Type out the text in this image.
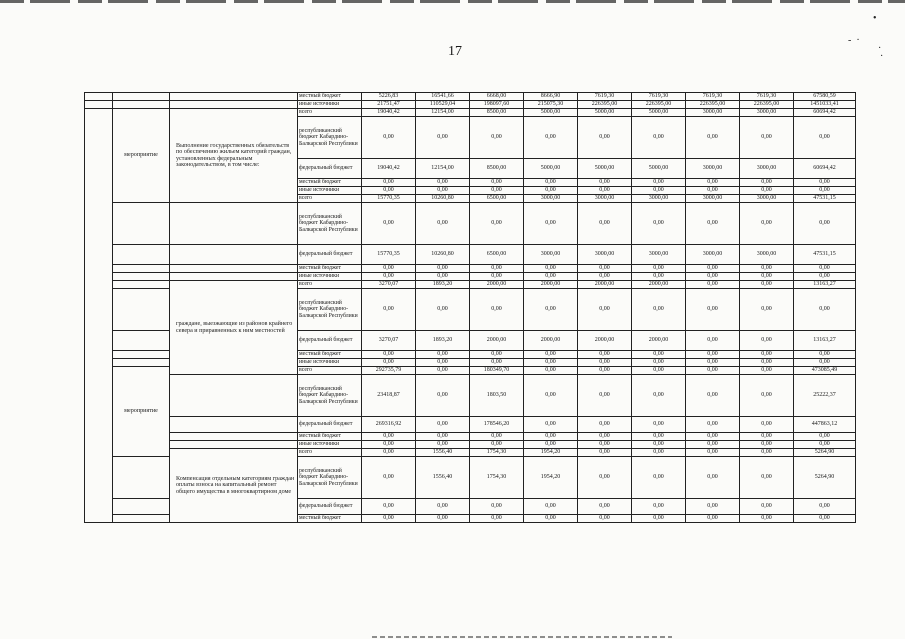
•
-  ·
·
·
17
			местный бюджет	5226,83	16541,66	6668,00	8666,90	7619,30	7619,30	7619,30	7619,30	67580,59
			иные источники	21751,47	110529,04	198097,60	215075,30	226395,00	226395,00	226395,00	226395,00	1451033,41
	мероприятие	Выполнение государственных обязательств по обеспечению жильем категорий граждан, установленных федеральным законодательством, в том числе:	всего	19040,42	12154,00	8500,00	5000,00	5000,00	5000,00	3000,00	3000,00	60694,42
			республиканский бюджет Кабардино-Балкарской Республики	0,00	0,00	0,00	0,00	0,00	0,00	0,00	0,00	0,00
			федеральный бюджет	19040,42	12154,00	8500,00	5000,00	5000,00	5000,00	3000,00	3000,00	60694,42
			местный бюджет	0,00	0,00	0,00	0,00	0,00	0,00	0,00	0,00	0,00
			иные источники	0,00	0,00	0,00	0,00	0,00	0,00	0,00	0,00	0,00
			всего	15770,35	10260,80	6500,00	3000,00	3000,00	3000,00	3000,00	3000,00	47531,15
			республиканский бюджет Кабардино-Балкарской Республики	0,00	0,00	0,00	0,00	0,00	0,00	0,00	0,00	0,00
			федеральный бюджет	15770,35	10260,80	6500,00	3000,00	3000,00	3000,00	3000,00	3000,00	47531,15
			местный бюджет	0,00	0,00	0,00	0,00	0,00	0,00	0,00	0,00	0,00
			иные источники	0,00	0,00	0,00	0,00	0,00	0,00	0,00	0,00	0,00
		граждане, выезжающие из районов крайнего севера и приравненных к ним местностей	всего	3270,07	1893,20	2000,00	2000,00	2000,00	2000,00	0,00	0,00	13163,27
			республиканский бюджет Кабардино-Балкарской Республики	0,00	0,00	0,00	0,00	0,00	0,00	0,00	0,00	0,00
			федеральный бюджет	3270,07	1893,20	2000,00	2000,00	2000,00	2000,00	0,00	0,00	13163,27
			местный бюджет	0,00	0,00	0,00	0,00	0,00	0,00	0,00	0,00	0,00
			иные источники	0,00	0,00	0,00	0,00	0,00	0,00	0,00	0,00	0,00
	мероприятие		всего	292735,79	0,00	180349,70	0,00	0,00	0,00	0,00	0,00	473085,49
			республиканский бюджет Кабардино-Балкарской Республики	23418,87	0,00	1803,50	0,00	0,00	0,00	0,00	0,00	25222,37
			федеральный бюджет	269316,92	0,00	178546,20	0,00	0,00	0,00	0,00	0,00	447863,12
			местный бюджет	0,00	0,00	0,00	0,00	0,00	0,00	0,00	0,00	0,00
			иные источники	0,00	0,00	0,00	0,00	0,00	0,00	0,00	0,00	0,00
		Компенсация отдельным категориям граждан оплаты взноса на капитальный ремонт общего имущества в многоквартирном доме	всего	0,00	1556,40	1754,30	1954,20	0,00	0,00	0,00	0,00	5264,90
			республиканский бюджет Кабардино-Балкарской Республики	0,00	1556,40	1754,30	1954,20	0,00	0,00	0,00	0,00	5264,90
			федеральный бюджет	0,00	0,00	0,00	0,00	0,00	0,00	0,00	0,00	0,00
			местный бюджет	0,00	0,00	0,00	0,00	0,00	0,00	0,00	0,00	0,00
